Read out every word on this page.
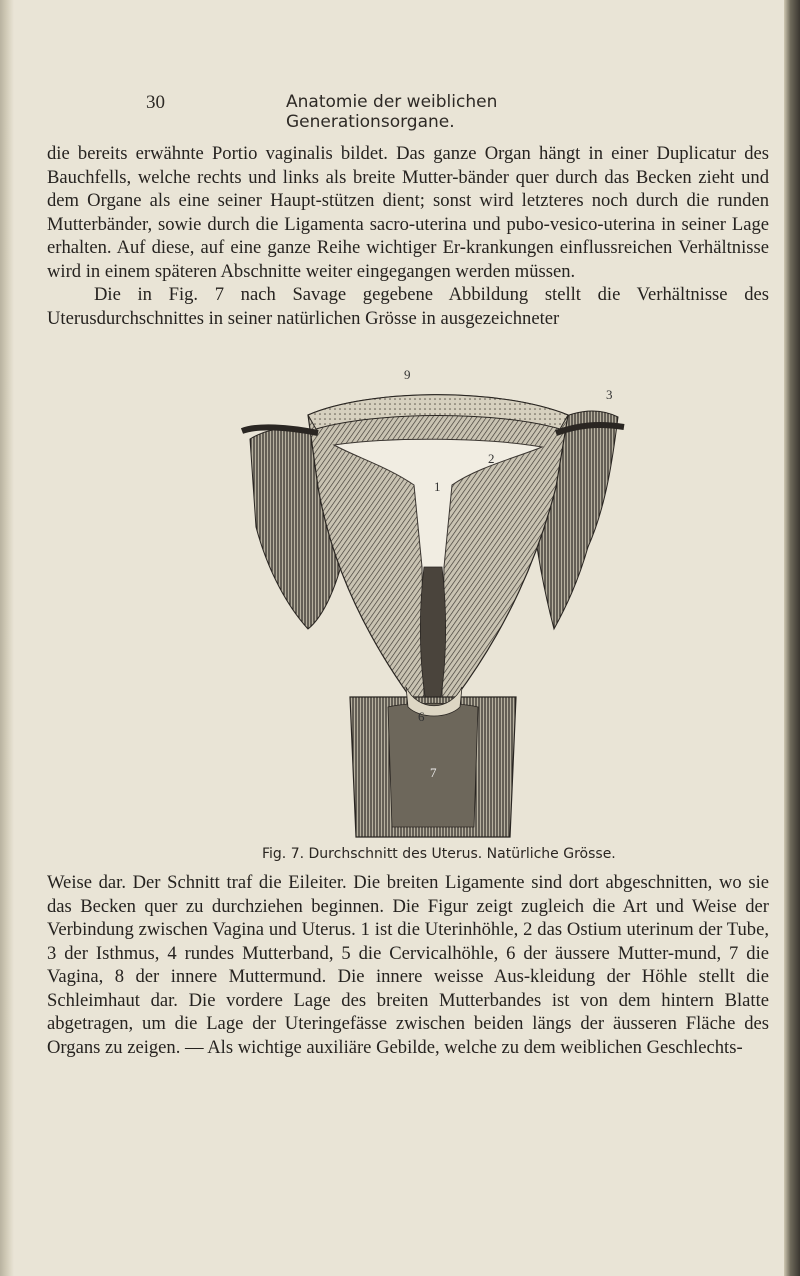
30	Anatomie der weiblichen Generationsorgane.

die bereits erwähnte Portio vaginalis bildet. Das ganze Organ hängt in einer Duplicatur des Bauchfells, welche rechts und links als breite Mutter-bänder quer durch das Becken zieht und dem Organe als eine seiner Haupt-stützen dient; sonst wird letzteres noch durch die runden Mutterbänder, sowie durch die Ligamenta sacro-uterina und pubo-vesico-uterina in seiner Lage erhalten. Auf diese, auf eine ganze Reihe wichtiger Er-krankungen einflussreichen Verhältnisse wird in einem späteren Abschnitte weiter eingegangen werden müssen.

Die in Fig. 7 nach Savage gegebene Abbildung stellt die Verhältnisse des Uterusdurchschnittes in seiner natürlichen Grösse in ausgezeichneter

9
3
2
1
6
7
Fig. 7. Durchschnitt des Uterus. Natürliche Grösse.

Weise dar. Der Schnitt traf die Eileiter. Die breiten Ligamente sind dort abgeschnitten, wo sie das Becken quer zu durchziehen beginnen. Die Figur zeigt zugleich die Art und Weise der Verbindung zwischen Vagina und Uterus. 1 ist die Uterinhöhle, 2 das Ostium uterinum der Tube, 3 der Isthmus, 4 rundes Mutterband, 5 die Cervicalhöhle, 6 der äussere Mutter-mund, 7 die Vagina, 8 der innere Muttermund. Die innere weisse Aus-kleidung der Höhle stellt die Schleimhaut dar. Die vordere Lage des breiten Mutterbandes ist von dem hintern Blatte abgetragen, um die Lage der Uteringefässe zwischen beiden längs der äusseren Fläche des Organs zu zeigen. — Als wichtige auxiliäre Gebilde, welche zu dem weiblichen Geschlechts-
